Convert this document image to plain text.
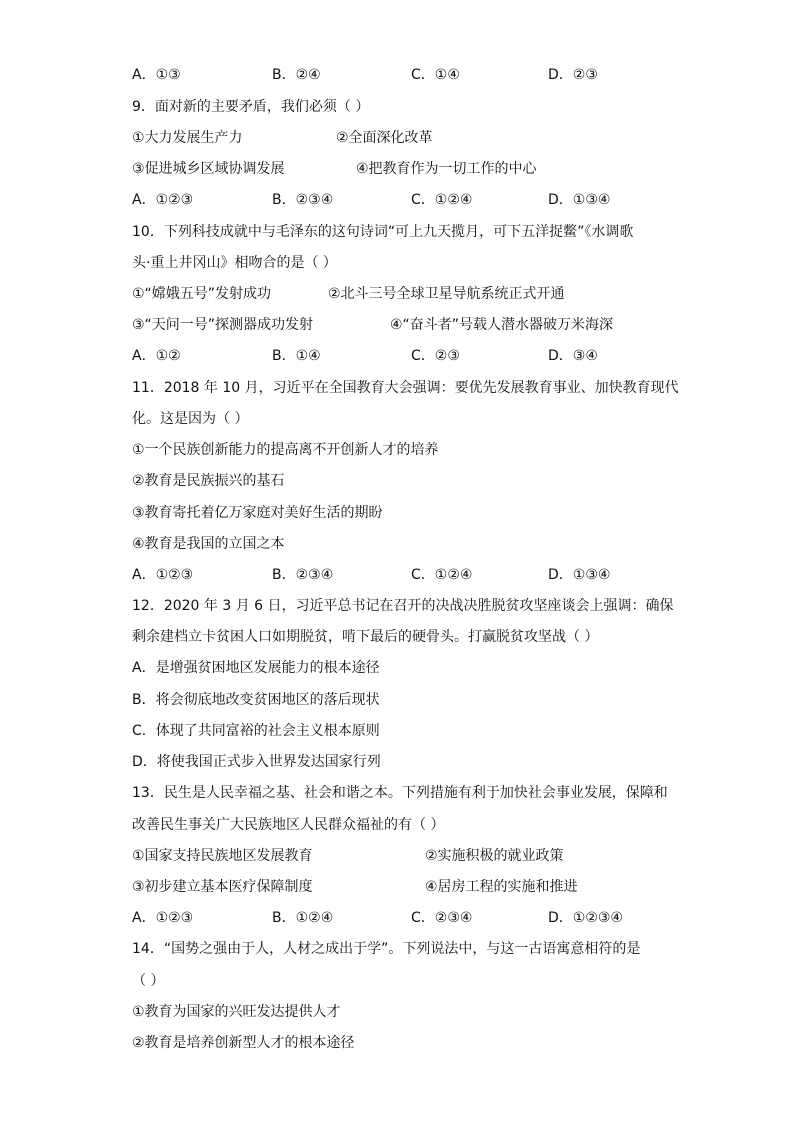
A．①③	B．②④	C．①④	D．②③
9．面对新的主要矛盾，我们必须（ ）
①大力发展生产力	②全面深化改革
③促进城乡区域协调发展	④把教育作为一切工作的中心
A．①②③	B．②③④	C．①②④	D．①③④
10．下列科技成就中与毛泽东的这句诗词“可上九天揽月，可下五洋捉鳖”《水调歌
头·重上井冈山》相吻合的是（ ）
①“嫦娥五号”发射成功	②北斗三号全球卫星导航系统正式开通
③“天问一号”探测器成功发射	④“奋斗者”号载人潜水器破万米海深
A．①②	B．①④	C．②③	D．③④
11．2018 年 10 月，习近平在全国教育大会强调：要优先发展教育事业、加快教育现代
化。这是因为（ ）
①一个民族创新能力的提高离不开创新人才的培养
②教育是民族振兴的基石
③教育寄托着亿万家庭对美好生活的期盼
④教育是我国的立国之本
A．①②③	B．②③④	C．①②④	D．①③④
12．2020 年 3 月 6 日，习近平总书记在召开的决战决胜脱贫攻坚座谈会上强调：确保
剩余建档立卡贫困人口如期脱贫，啃下最后的硬骨头。打赢脱贫攻坚战（ ）
A．是增强贫困地区发展能力的根本途径
B．将会彻底地改变贫困地区的落后现状
C．体现了共同富裕的社会主义根本原则
D．将使我国正式步入世界发达国家行列
13．民生是人民幸福之基、社会和谐之本。下列措施有利于加快社会事业发展，保障和
改善民生事关广大民族地区人民群众福祉的有（ ）
①国家支持民族地区发展教育	②实施积极的就业政策
③初步建立基本医疗保障制度	④居房工程的实施和推进
A．①②③	B．①②④	C．②③④	D．①②③④
14．“国势之强由于人，人材之成出于学”。下列说法中，与这一古语寓意相符的是
（ ）
①教育为国家的兴旺发达提供人才
②教育是培养创新型人才的根本途径
